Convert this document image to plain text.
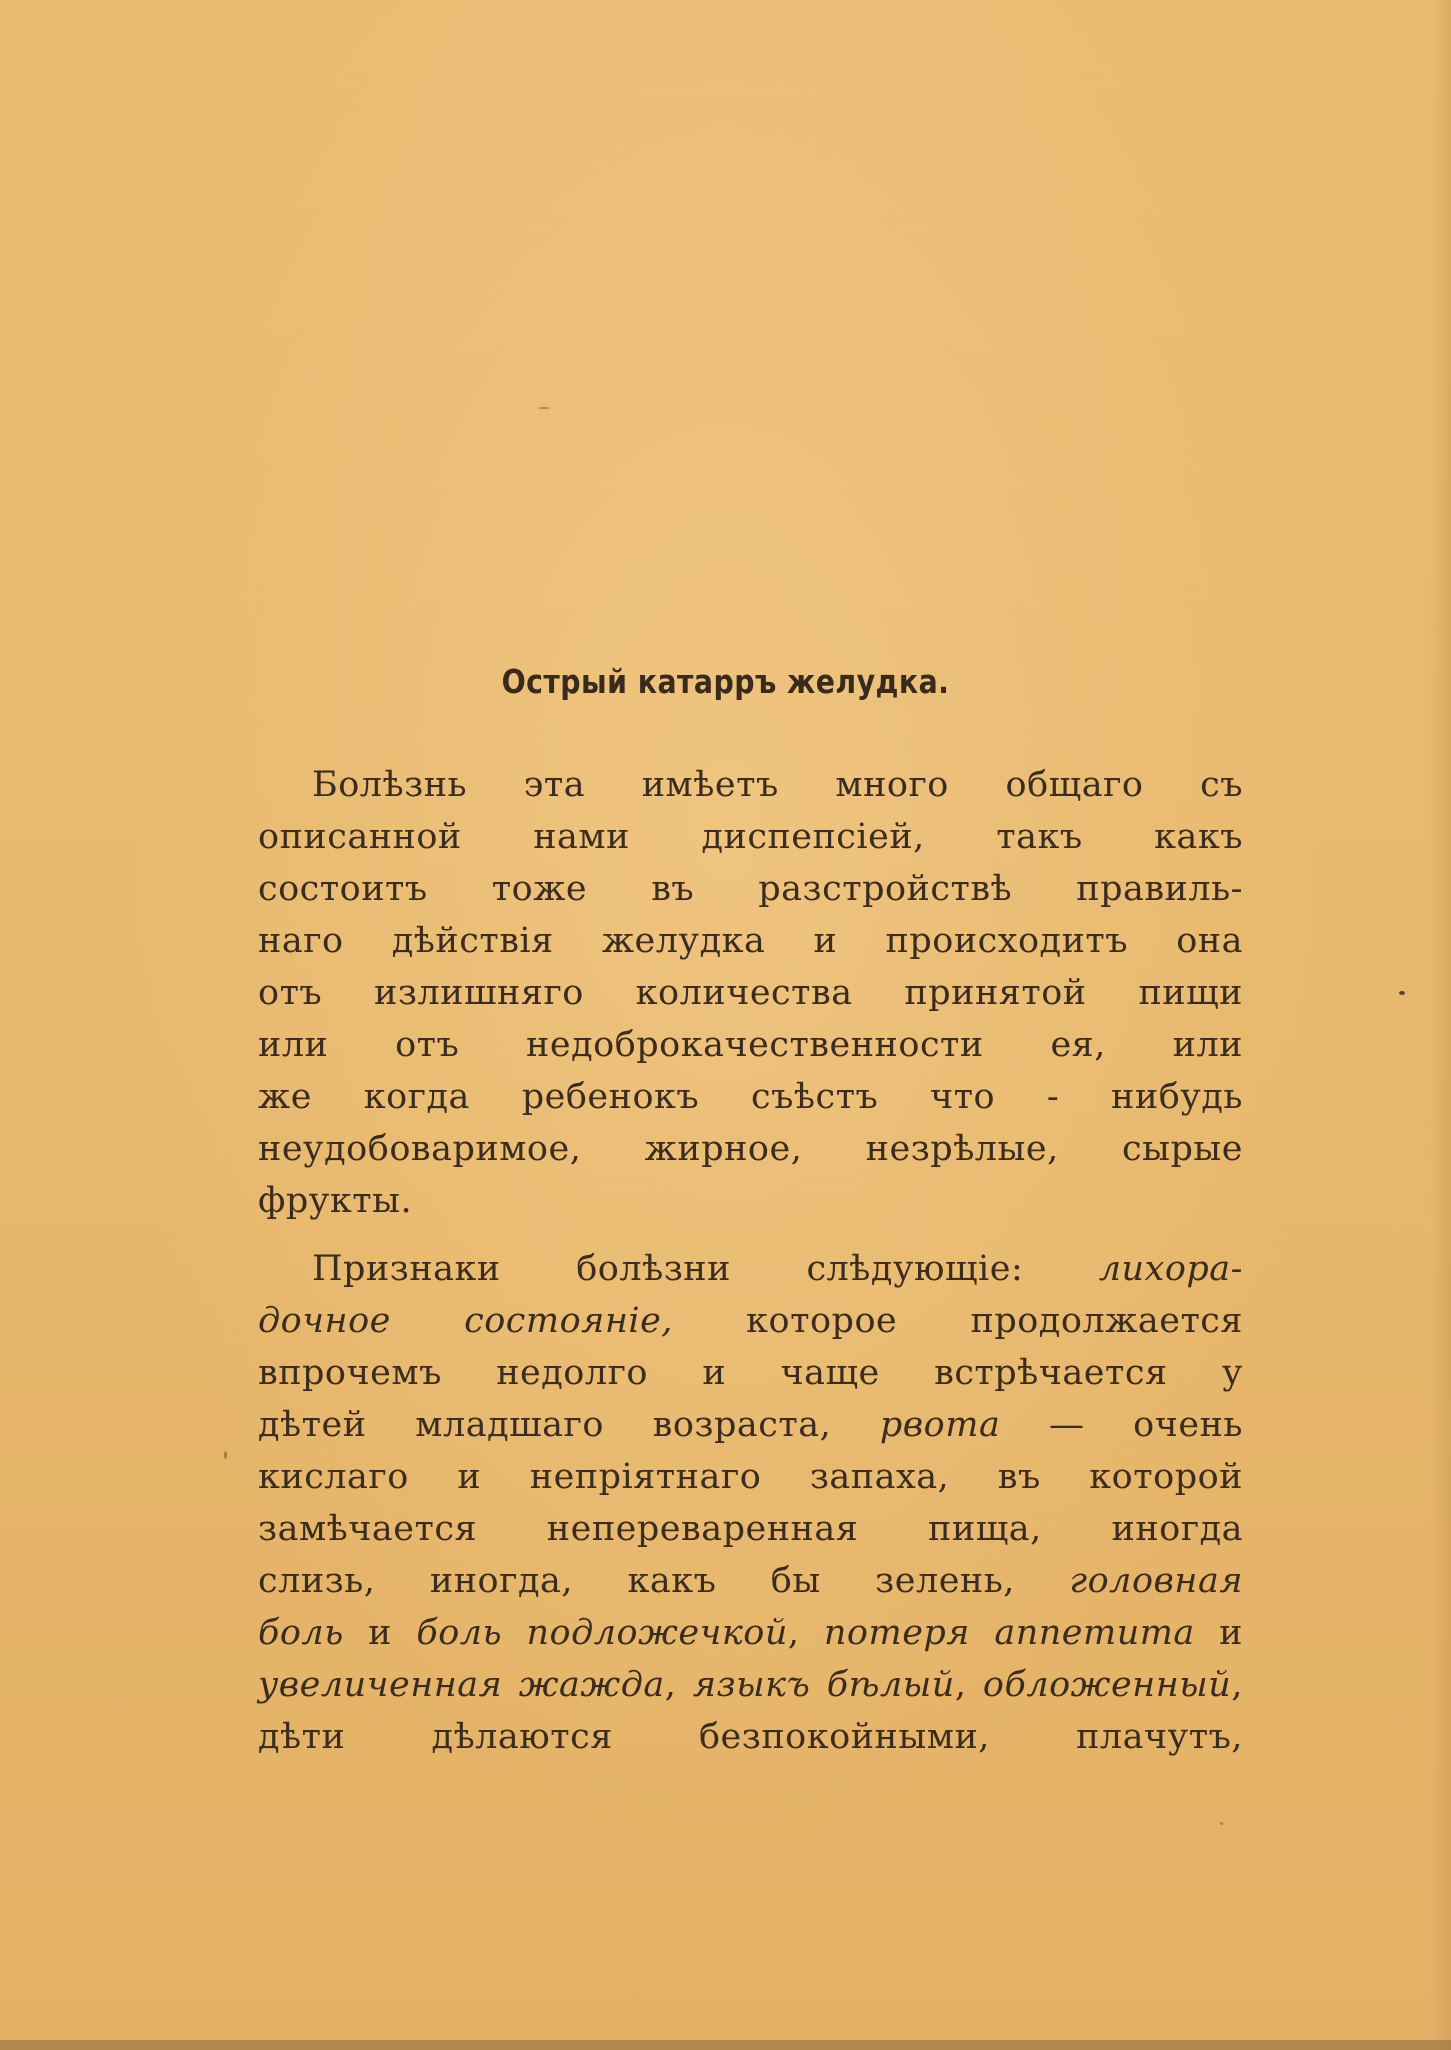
Острый катарръ желудка.
Болѣзнь эта имѣетъ много общаго съ
описанной нами диспепсіей, такъ какъ
состоитъ тоже въ разстройствѣ правиль-
наго дѣйствія желудка и происходитъ она
отъ излишняго количества принятой пищи
или отъ недоброкачественности ея, или
же когда ребенокъ съѣстъ что - нибудь
неудобоваримое, жирное, незрѣлые, сырые
фрукты.
Признаки болѣзни слѣдующіе: лихора-
дочное состояніе, которое продолжается
впрочемъ недолго и чаще встрѣчается у
дѣтей младшаго возраста, рвота — очень
кислаго и непріятнаго запаха, въ которой
замѣчается непереваренная пища, иногда
слизь, иногда, какъ бы зелень, головная
боль и боль подложечкой, потеря аппетита и
увеличенная жажда, языкъ бѣлый, обложенный,
дѣти дѣлаются безпокойными, плачутъ,
